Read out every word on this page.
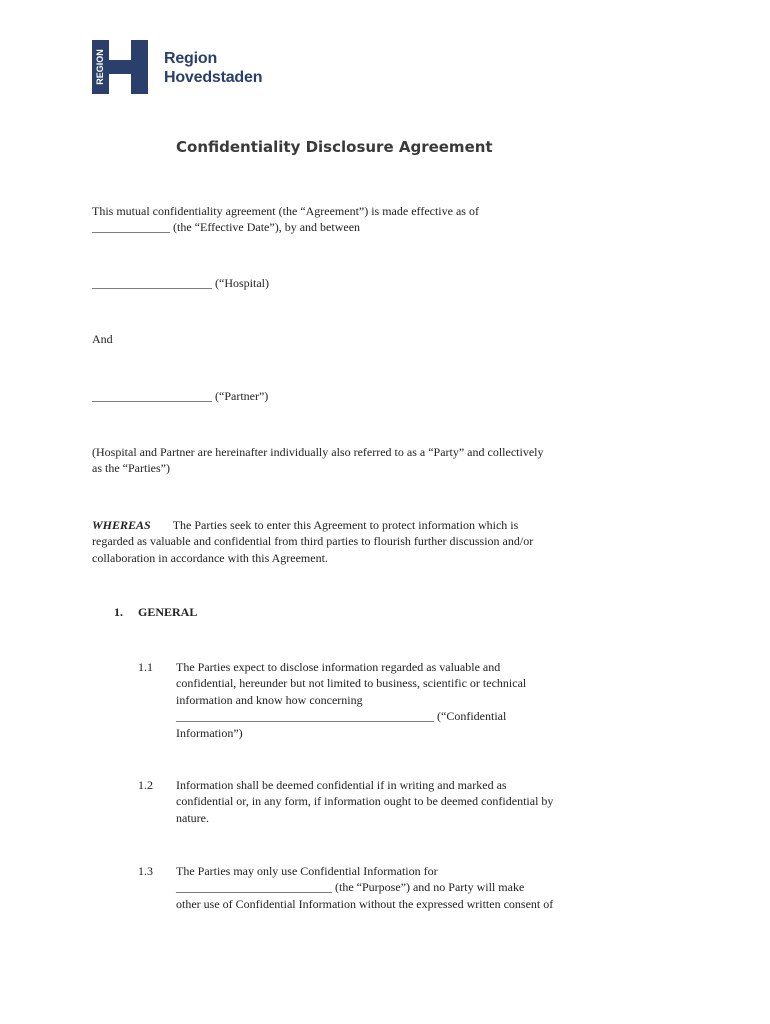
REGION	Region
Hovedstaden
Confidentiality Disclosure Agreement
This mutual confidentiality agreement (the “Agreement”) is made effective as of
_____________ (the “Effective Date”), by and between
____________________ (“Hospital)
And
____________________ (“Partner”)
(Hospital and Partner are hereinafter individually also referred to as a “Party” and collectively
as the “Parties”)
WHEREAS The Parties seek to enter this Agreement to protect information which is
regarded as valuable and confidential from third parties to flourish further discussion and/or
collaboration in accordance with this Agreement.
1. GENERAL
1.1 The Parties expect to disclose information regarded as valuable and
confidential, hereunder but not limited to business, scientific or technical
information and know how concerning
___________________________________________ (“Confidential
Information”)
1.2 Information shall be deemed confidential if in writing and marked as
confidential or, in any form, if information ought to be deemed confidential by
nature.
1.3 The Parties may only use Confidential Information for
__________________________ (the “Purpose”) and no Party will make
other use of Confidential Information without the expressed written consent of
